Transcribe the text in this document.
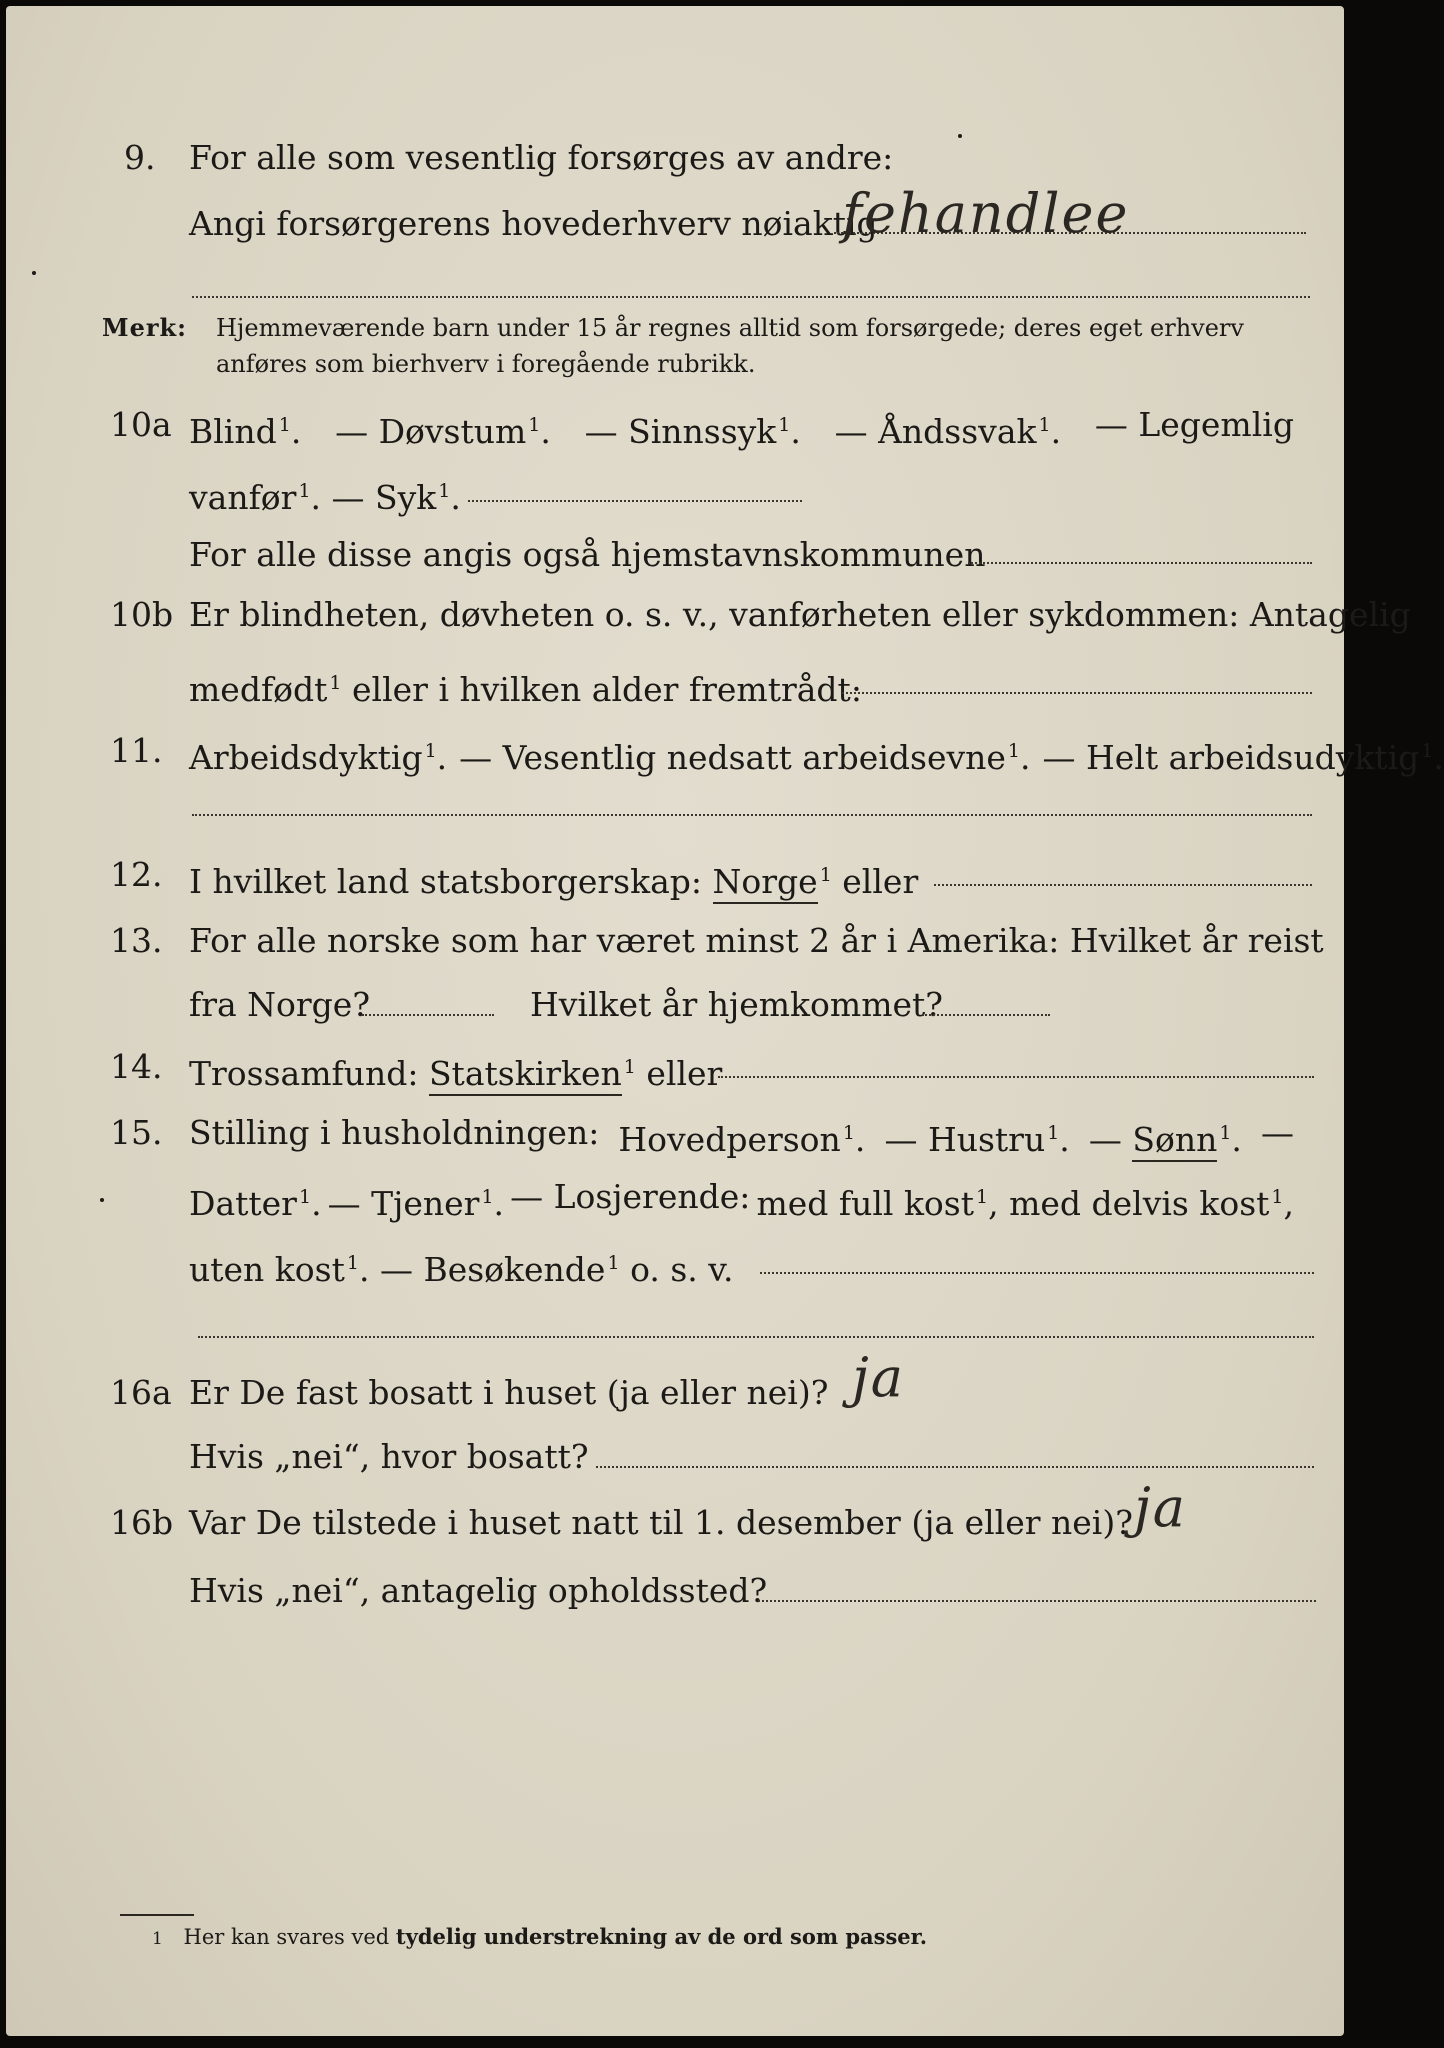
9. For alle som vesentlig forsørges av andre:
Angi forsørgerens hovederhverv nøiaktig
fehandlee
Merk: Hjemmeværende barn under 15 år regnes alltid som forsørgede; deres eget erhverv
anføres som bierhverv i foregående rubrikk.
10a Blind $^1$. — Døvstum $^1$. — Sinnssyk $^1$. — Åndssvak $^1$. — Legemlig
vanfør $^1$. — Syk $^1$.
For alle disse angis også hjemstavnskommunen
10b Er blindheten, døvheten o. s. v., vanførheten eller sykdommen: Antagelig
medfødt $^1$ eller i hvilken alder fremtrådt:
11. Arbeidsdyktig $^1$. — Vesentlig nedsatt arbeidsevne $^1$. — Helt arbeidsudyktig $^1$.
12. I hvilket land statsborgerskap: Norge $^1$ eller
13. For alle norske som har været minst 2 år i Amerika: Hvilket år reist
fra Norge?	Hvilket år hjemkommet?
14. Trossamfund: Statskirken $^1$ eller
15. Stilling i husholdningen: Hovedperson $^1$. — Hustru $^1$. — Sønn $^1$. —
Datter $^1$. — Tjener $^1$. — Losjerende: med full kost $^1$, med delvis kost $^1$,
uten kost $^1$. — Besøkende $^1$ o. s. v.
16a Er De fast bosatt i huset (ja eller nei)? ja
Hvis „nei“, hvor bosatt?
16b Var De tilstede i huset natt til 1. desember (ja eller nei)? ja
Hvis „nei“, antagelig opholdssted?
1 Her kan svares ved tydelig understrekning av de ord som passer.
